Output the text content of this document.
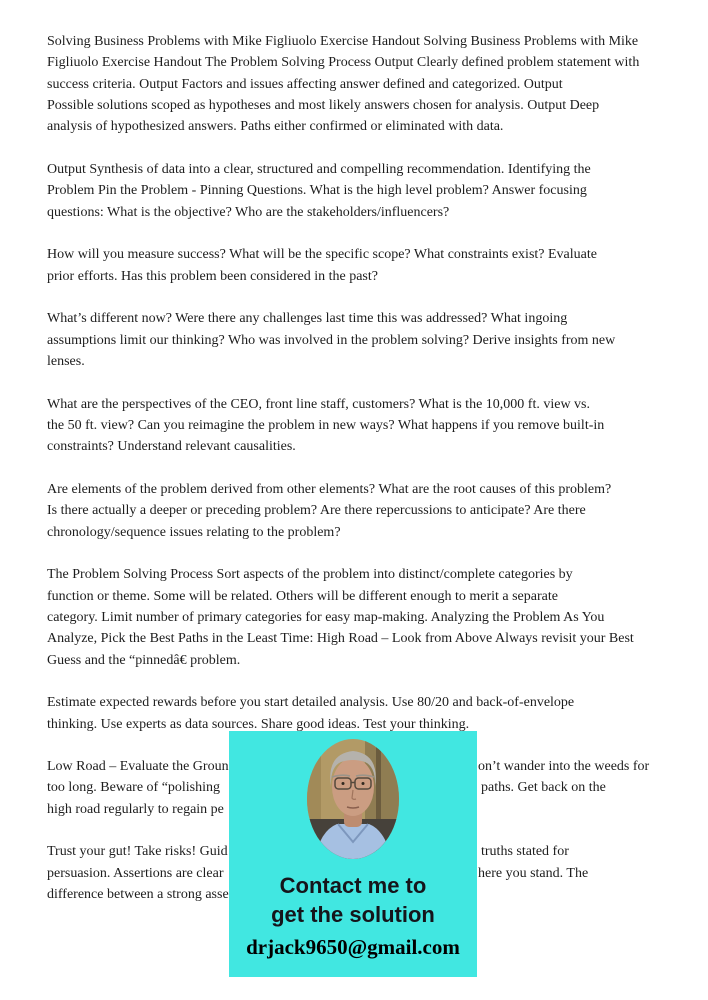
Solving Business Problems with Mike Figliuolo Exercise Handout Solving Business Problems with Mike
Figliuolo Exercise Handout The Problem Solving Process Output Clearly defined problem statement with
success criteria. Output Factors and issues affecting answer defined and categorized. Output
Possible solutions scoped as hypotheses and most likely answers chosen for analysis. Output Deep
analysis of hypothesized answers. Paths either confirmed or eliminated with data.
Output Synthesis of data into a clear, structured and compelling recommendation. Identifying the
Problem Pin the Problem - Pinning Questions. What is the high level problem? Answer focusing
questions: What is the objective? Who are the stakeholders/influencers?
How will you measure success? What will be the specific scope? What constraints exist? Evaluate
prior efforts. Has this problem been considered in the past?
What’s different now? Were there any challenges last time this was addressed? What ingoing
assumptions limit our thinking? Who was involved in the problem solving? Derive insights from new
lenses.
What are the perspectives of the CEO, front line staff, customers? What is the 10,000 ft. view vs.
the 50 ft. view? Can you reimagine the problem in new ways? What happens if you remove built-in
constraints? Understand relevant causalities.
Are elements of the problem derived from other elements? What are the root causes of this problem?
Is there actually a deeper or preceding problem? Are there repercussions to anticipate? Are there
chronology/sequence issues relating to the problem?
The Problem Solving Process Sort aspects of the problem into distinct/complete categories by
function or theme. Some will be related. Others will be different enough to merit a separate
category. Limit number of primary categories for easy map-making. Analyzing the Problem As You
Analyze, Pick the Best Paths in the Least Time: High Road – Look from Above Always revisit your Best
Guess and the “pinnedâ€ problem.
Estimate expected rewards before you start detailed analysis. Use 80/20 and back-of-envelope
thinking. Use experts as data sources. Share good ideas. Test your thinking.
Low Road – Evaluate the Groun	on’t wander into the weeds for
too long. Beware of “polishing	paths. Get back on the
high road regularly to regain pe
Trust your gut! Take risks! Guid	truths stated for
persuasion. Assertions are clear	here you stand. The
difference between a strong asse	Contact me to
get the solution
drjack9650@gmail.com
